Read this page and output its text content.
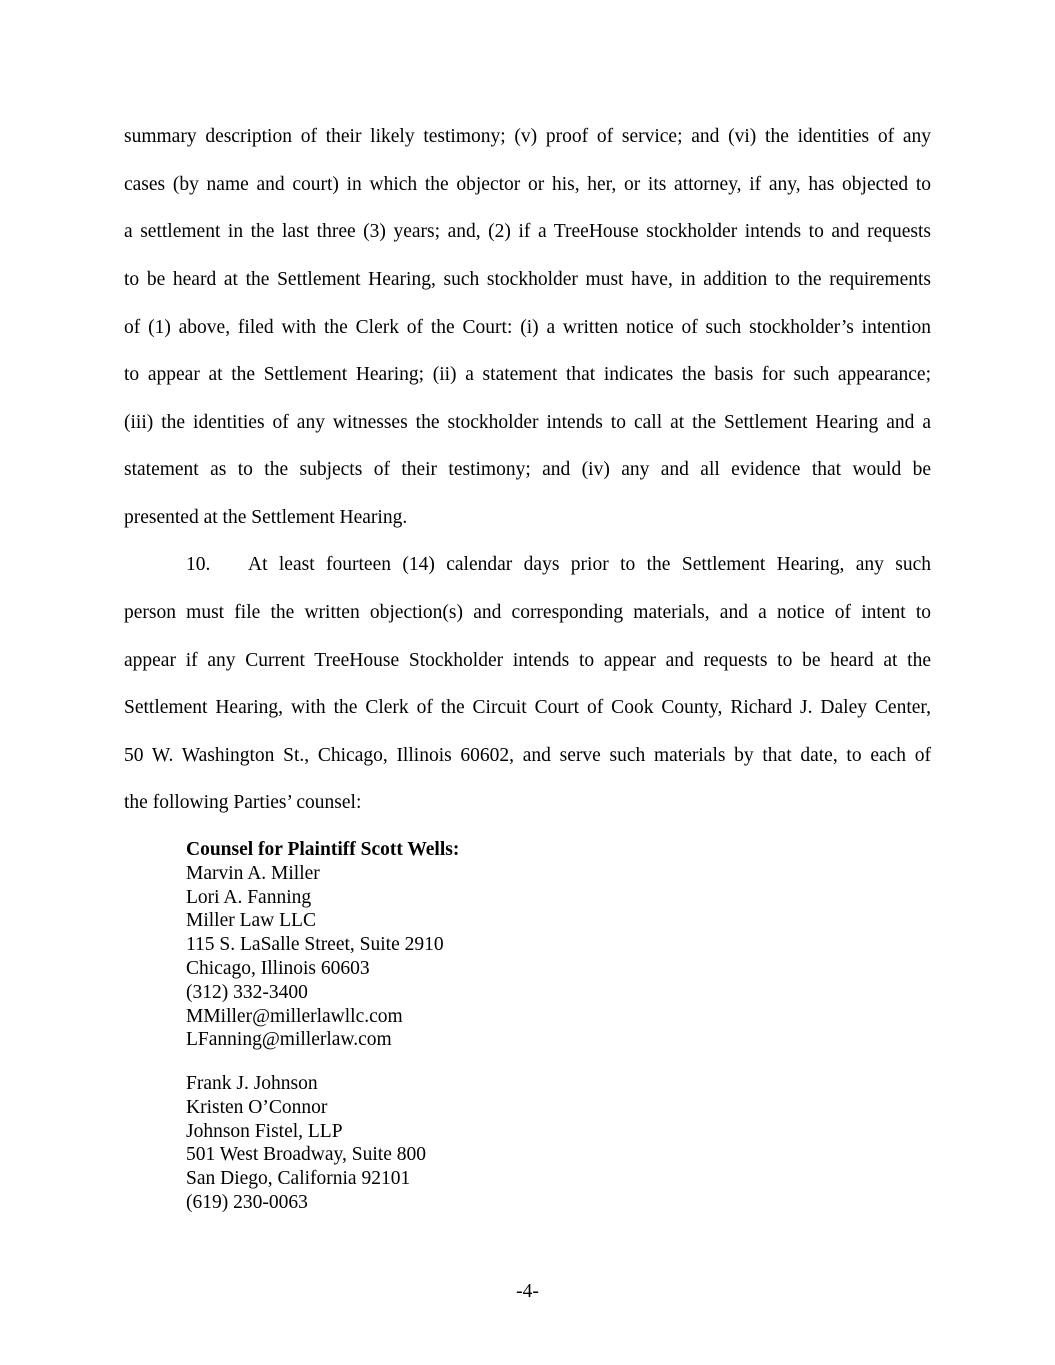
summary description of their likely testimony; (v) proof of service; and (vi) the identities of any
cases (by name and court) in which the objector or his, her, or its attorney, if any, has objected to
a settlement in the last three (3) years; and, (2) if a TreeHouse stockholder intends to and requests
to be heard at the Settlement Hearing, such stockholder must have, in addition to the requirements
of (1) above, filed with the Clerk of the Court: (i) a written notice of such stockholder’s intention
to appear at the Settlement Hearing; (ii) a statement that indicates the basis for such appearance;
(iii) the identities of any witnesses the stockholder intends to call at the Settlement Hearing and a
statement as to the subjects of their testimony; and (iv) any and all evidence that would be
presented at the Settlement Hearing.
10. At least fourteen (14) calendar days prior to the Settlement Hearing, any such
person must file the written objection(s) and corresponding materials, and a notice of intent to
appear if any Current TreeHouse Stockholder intends to appear and requests to be heard at the
Settlement Hearing, with the Clerk of the Circuit Court of Cook County, Richard J. Daley Center,
50 W. Washington St., Chicago, Illinois 60602, and serve such materials by that date, to each of
the following Parties’ counsel:
Counsel for Plaintiff Scott Wells:
Marvin A. Miller
Lori A. Fanning
Miller Law LLC
115 S. LaSalle Street, Suite 2910
Chicago, Illinois 60603
(312) 332-3400
MMiller@millerlawllc.com
LFanning@millerlaw.com
Frank J. Johnson
Kristen O’Connor
Johnson Fistel, LLP
501 West Broadway, Suite 800
San Diego, California 92101
(619) 230-0063
-4-
